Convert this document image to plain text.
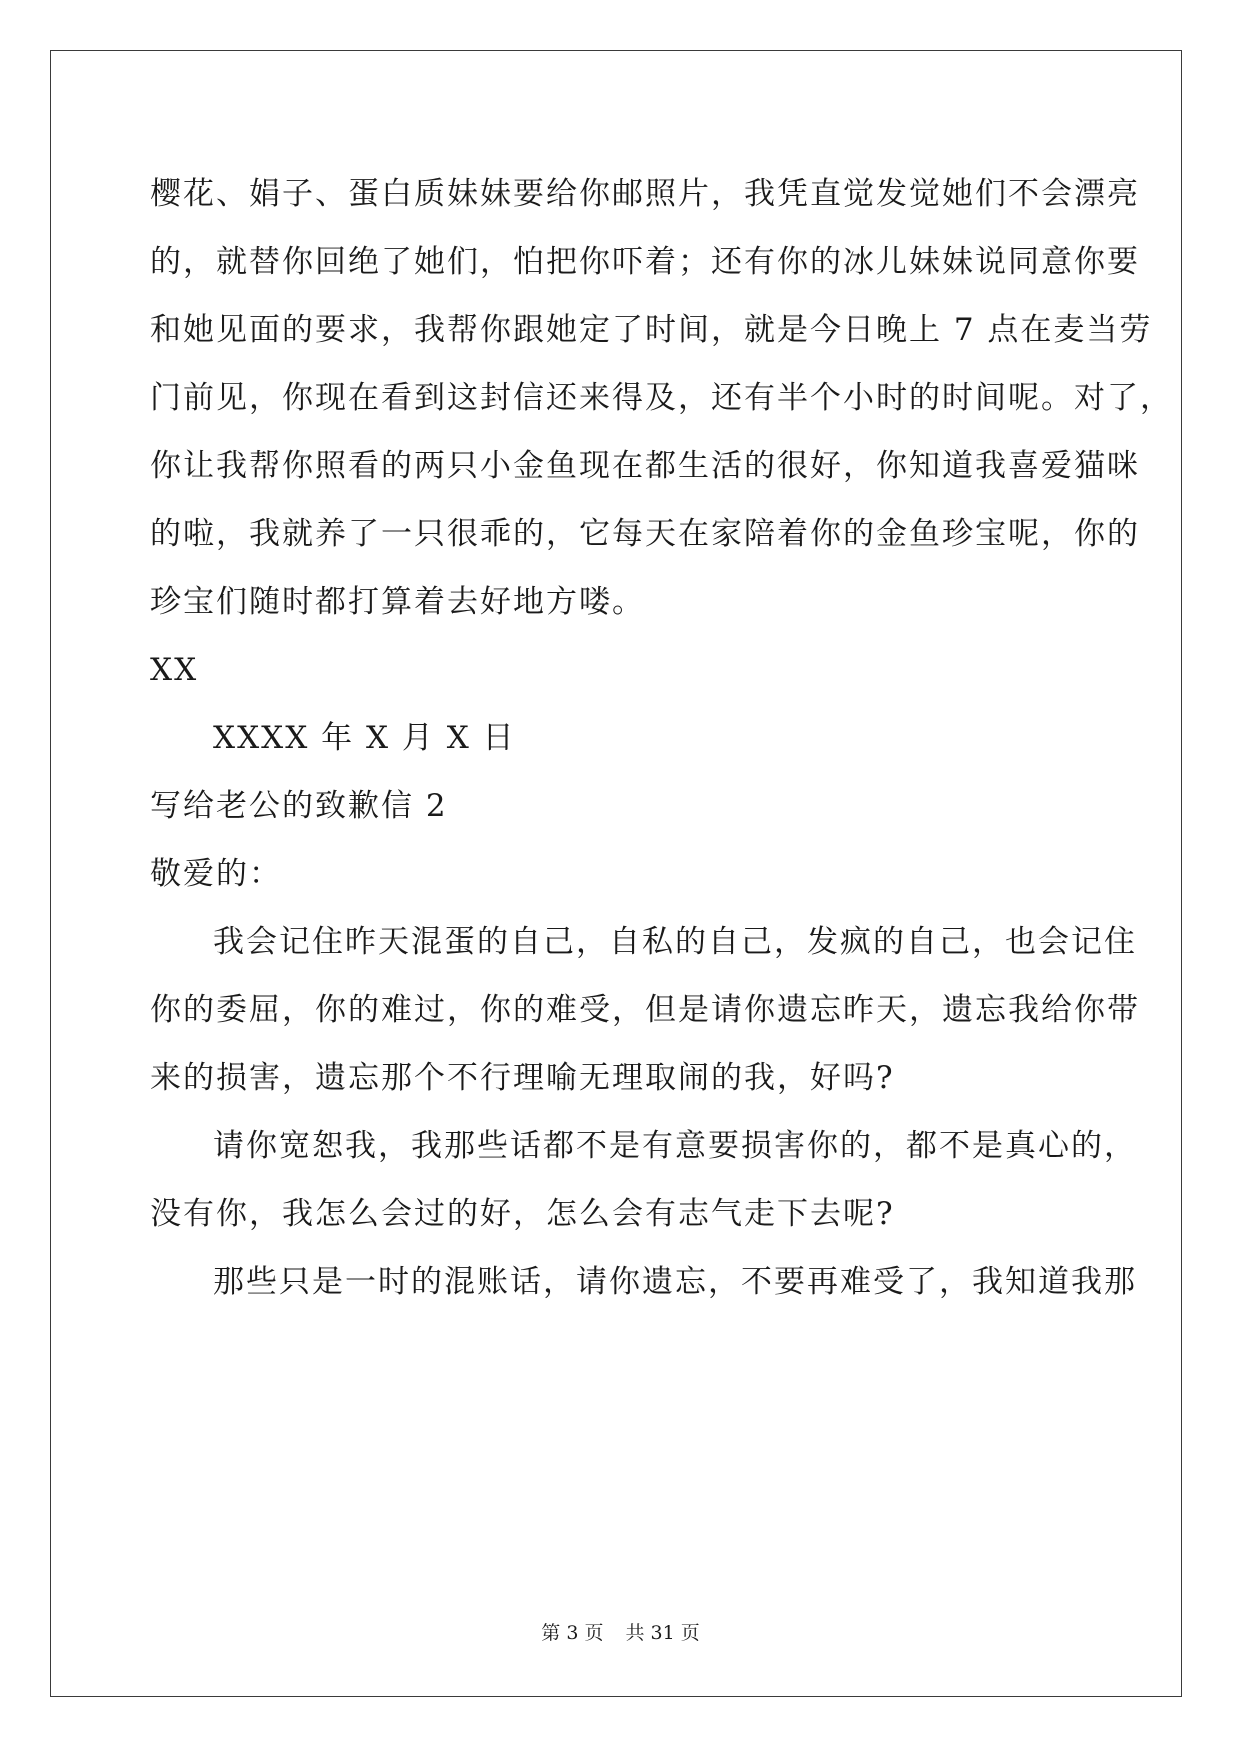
樱花、娟子、蛋白质妹妹要给你邮照片，我凭直觉发觉她们不会漂亮
的，就替你回绝了她们，怕把你吓着；还有你的冰儿妹妹说同意你要
和她见面的要求，我帮你跟她定了时间，就是今日晚上 7 点在麦当劳
门前见，你现在看到这封信还来得及，还有半个小时的时间呢。对了，
你让我帮你照看的两只小金鱼现在都生活的很好，你知道我喜爱猫咪
的啦，我就养了一只很乖的，它每天在家陪着你的金鱼珍宝呢，你的
珍宝们随时都打算着去好地方喽。
XX
XXXX 年 X 月 X 日
写给老公的致歉信 2
敬爱的：
我会记住昨天混蛋的自己，自私的自己，发疯的自己，也会记住
你的委屈，你的难过，你的难受，但是请你遗忘昨天，遗忘我给你带
来的损害，遗忘那个不行理喻无理取闹的我，好吗?
请你宽恕我，我那些话都不是有意要损害你的，都不是真心的，
没有你，我怎么会过的好，怎么会有志气走下去呢?
那些只是一时的混账话，请你遗忘，不要再难受了，我知道我那
第 3 页 共 31 页
